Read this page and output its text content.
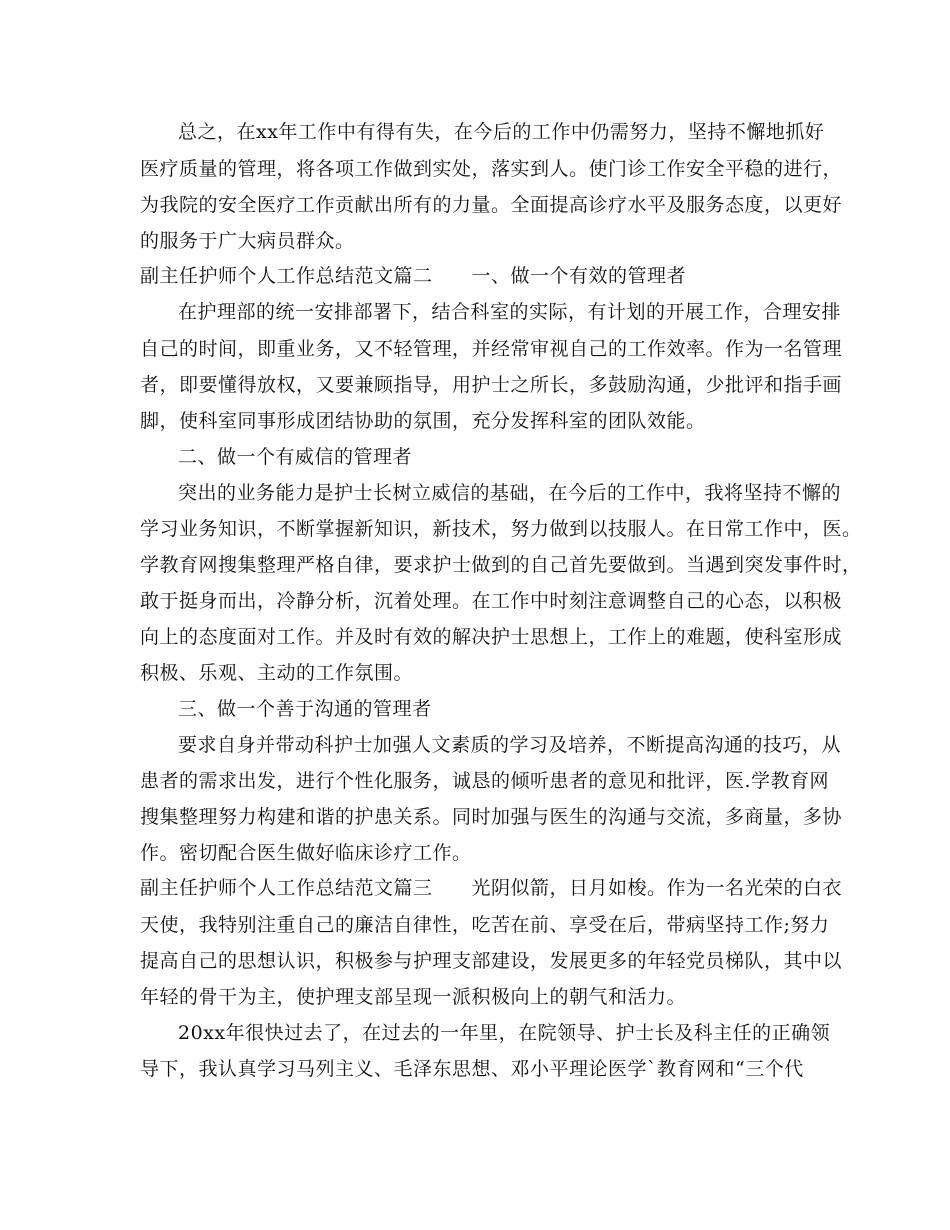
总之，在xx年工作中有得有失，在今后的工作中仍需努力，坚持不懈地抓好
医疗质量的管理，将各项工作做到实处，落实到人。使门诊工作安全平稳的进行，
为我院的安全医疗工作贡献出所有的力量。全面提高诊疗水平及服务态度，以更好
的服务于广大病员群众。
副主任护师个人工作总结范文篇二　　一、做一个有效的管理者
在护理部的统一安排部署下，结合科室的实际，有计划的开展工作，合理安排
自己的时间，即重业务，又不轻管理，并经常审视自己的工作效率。作为一名管理
者，即要懂得放权，又要兼顾指导，用护士之所长，多鼓励沟通，少批评和指手画
脚，使科室同事形成团结协助的氛围，充分发挥科室的团队效能。
二、做一个有威信的管理者
突出的业务能力是护士长树立威信的基础，在今后的工作中，我将坚持不懈的
学习业务知识，不断掌握新知识，新技术，努力做到以技服人。在日常工作中，医。
学教育网搜集整理严格自律，要求护士做到的自己首先要做到。当遇到突发事件时，
敢于挺身而出，冷静分析，沉着处理。在工作中时刻注意调整自己的心态，以积极
向上的态度面对工作。并及时有效的解决护士思想上，工作上的难题，使科室形成
积极、乐观、主动的工作氛围。
三、做一个善于沟通的管理者
要求自身并带动科护士加强人文素质的学习及培养，不断提高沟通的技巧，从
患者的需求出发，进行个性化服务，诚恳的倾听患者的意见和批评，医.学教育网
搜集整理努力构建和谐的护患关系。同时加强与医生的沟通与交流，多商量，多协
作。密切配合医生做好临床诊疗工作。
副主任护师个人工作总结范文篇三　　光阴似箭，日月如梭。作为一名光荣的白衣
天使，我特别注重自己的廉洁自律性，吃苦在前、享受在后，带病坚持工作;努力
提高自己的思想认识，积极参与护理支部建设，发展更多的年轻党员梯队，其中以
年轻的骨干为主，使护理支部呈现一派积极向上的朝气和活力。
20xx年很快过去了，在过去的一年里，在院领导、护士长及科主任的正确领
导下，我认真学习马列主义、毛泽东思想、邓小平理论医学`教育网和“三个代
